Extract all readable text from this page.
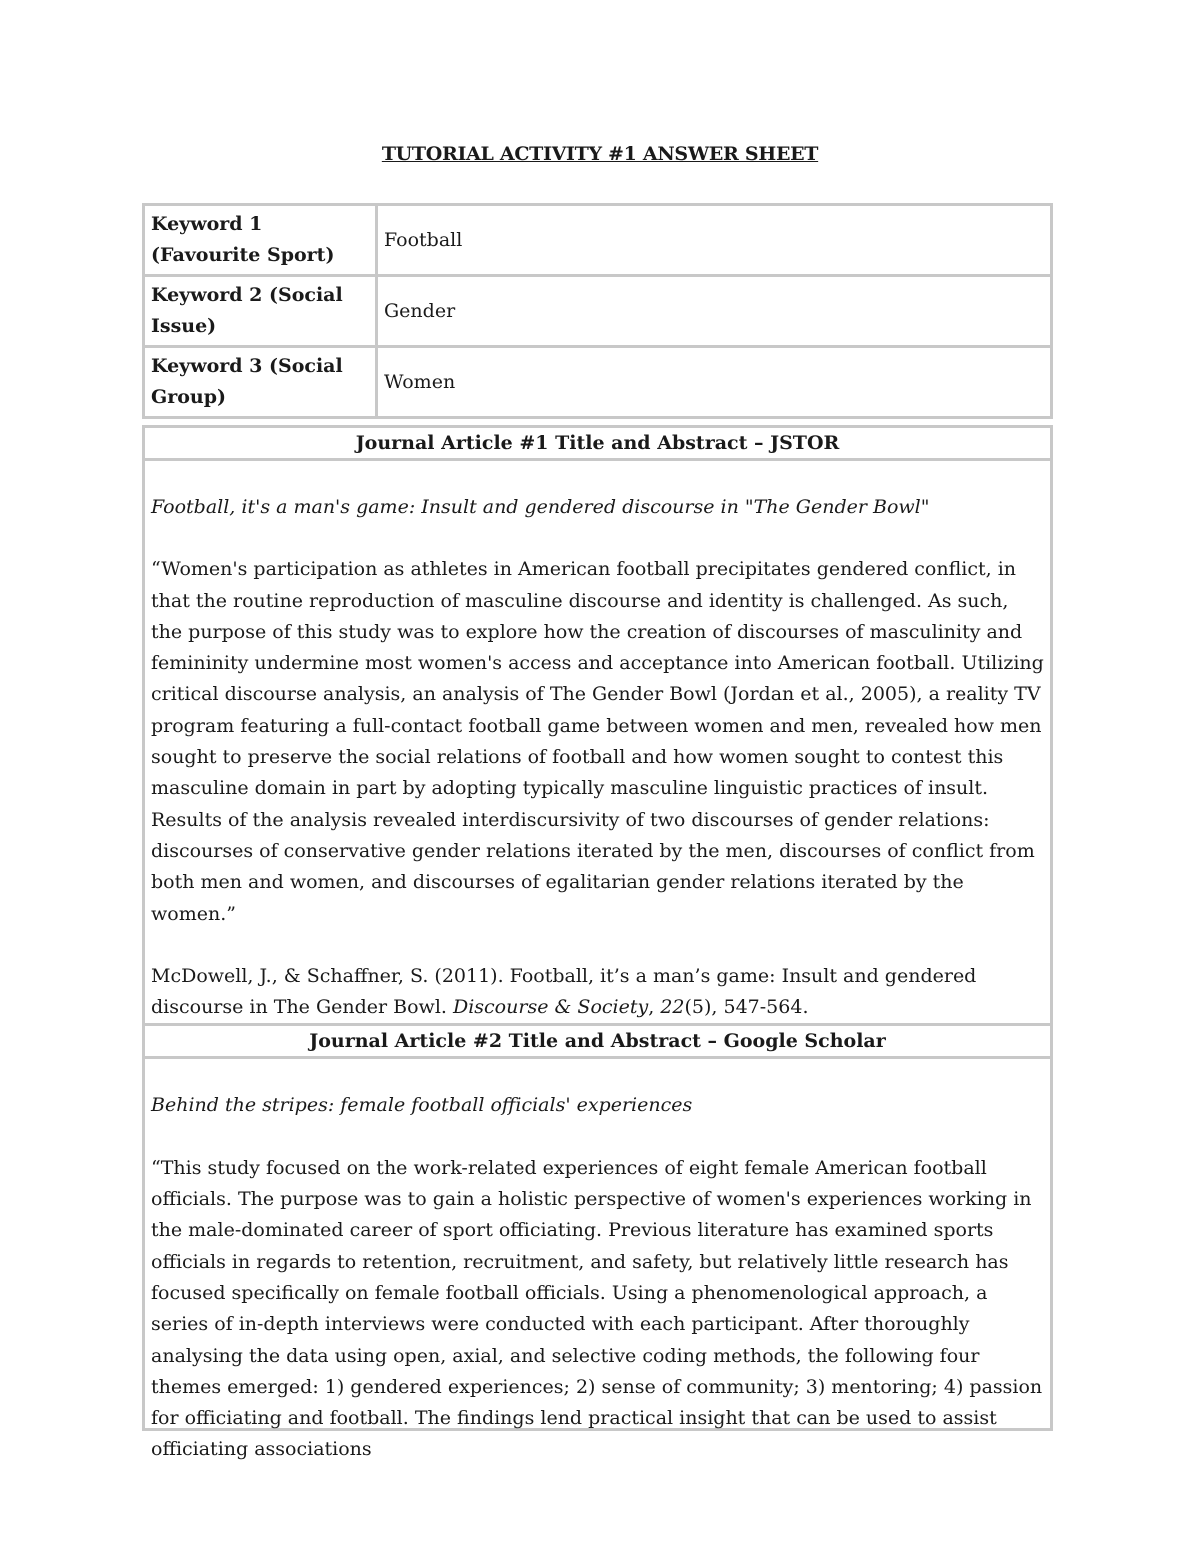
TUTORIAL ACTIVITY #1 ANSWER SHEET
Keyword 1 (Favourite Sport)	Football
Keyword 2 (Social Issue)	Gender
Keyword 3 (Social Group)	Women
Journal Article #1 Title and Abstract – JSTOR

Football, it's a man's game: Insult and gendered discourse in "The Gender Bowl"

“Women's participation as athletes in American football precipitates gendered conflict, in that the routine reproduction of masculine discourse and identity is challenged. As such, the purpose of this study was to explore how the creation of discourses of masculinity and femininity undermine most women's access and acceptance into American football. Utilizing critical discourse analysis, an analysis of The Gender Bowl (Jordan et al., 2005), a reality TV program featuring a full-contact football game between women and men, revealed how men sought to preserve the social relations of football and how women sought to contest this masculine domain in part by adopting typically masculine linguistic practices of insult. Results of the analysis revealed interdiscursivity of two discourses of gender relations: discourses of conservative gender relations iterated by the men, discourses of conflict from both men and women, and discourses of egalitarian gender relations iterated by the women.”

McDowell, J., & Schaffner, S. (2011). Football, it’s a man’s game: Insult and gendered discourse in The Gender Bowl. Discourse & Society, 22(5), 547-564.

Journal Article #2 Title and Abstract – Google Scholar

Behind the stripes: female football officials' experiences

“This study focused on the work-related experiences of eight female American football officials. The purpose was to gain a holistic perspective of women's experiences working in the male-dominated career of sport officiating. Previous literature has examined sports officials in regards to retention, recruitment, and safety, but relatively little research has focused specifically on female football officials. Using a phenomenological approach, a series of in-depth interviews were conducted with each participant. After thoroughly analysing the data using open, axial, and selective coding methods, the following four themes emerged: 1) gendered experiences; 2) sense of community; 3) mentoring; 4) passion for officiating and football. The findings lend practical insight that can be used to assist officiating associations
